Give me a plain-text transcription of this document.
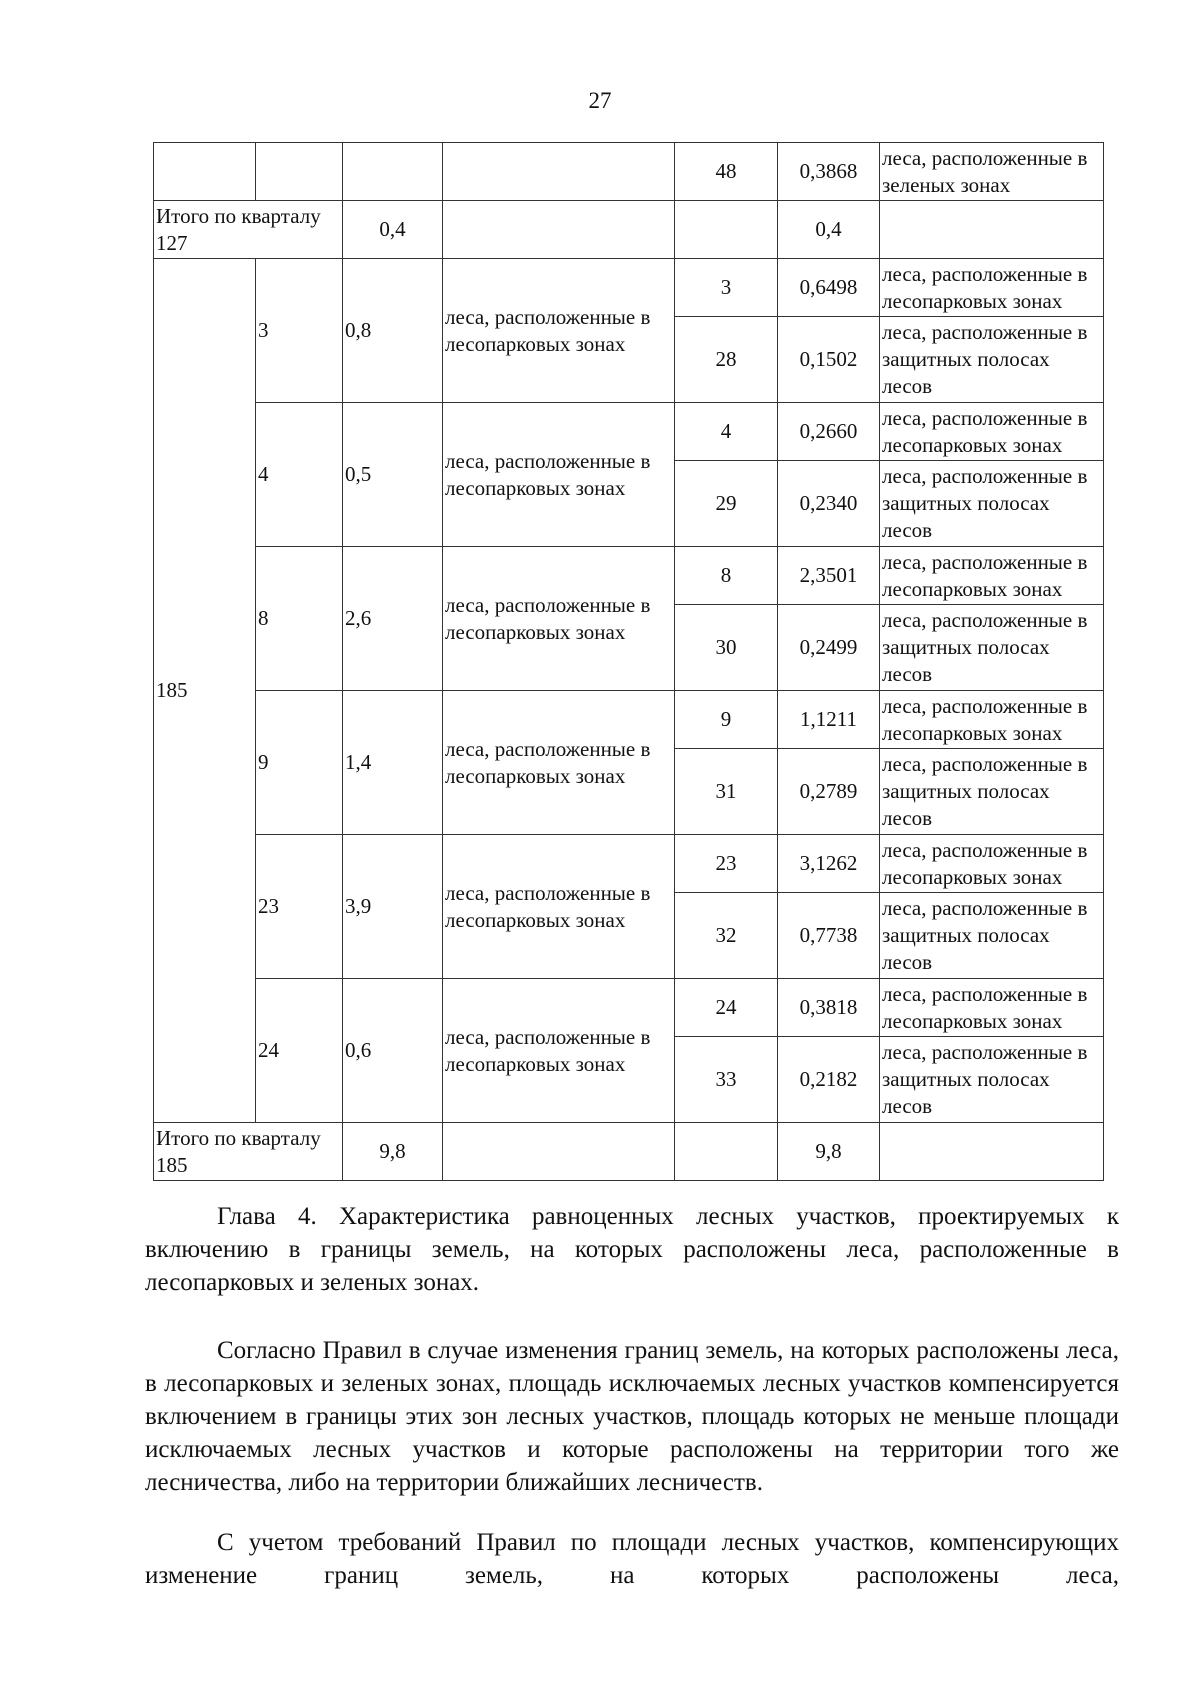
27
				48	0,3868	леса, расположенные в зеленых зонах
Итого по кварталу 127		0,4			0,4	
185	3	0,8	леса, расположенные в лесопарковых зонах	3	0,6498	леса, расположенные в лесопарковых зонах
				28	0,1502	леса, расположенные в защитных полосах лесов
	4	0,5	леса, расположенные в лесопарковых зонах	4	0,2660	леса, расположенные в лесопарковых зонах
				29	0,2340	леса, расположенные в защитных полосах лесов
	8	2,6	леса, расположенные в лесопарковых зонах	8	2,3501	леса, расположенные в лесопарковых зонах
				30	0,2499	леса, расположенные в защитных полосах лесов
	9	1,4	леса, расположенные в лесопарковых зонах	9	1,1211	леса, расположенные в лесопарковых зонах
				31	0,2789	леса, расположенные в защитных полосах лесов
	23	3,9	леса, расположенные в лесопарковых зонах	23	3,1262	леса, расположенные в лесопарковых зонах
				32	0,7738	леса, расположенные в защитных полосах лесов
	24	0,6	леса, расположенные в лесопарковых зонах	24	0,3818	леса, расположенные в лесопарковых зонах
				33	0,2182	леса, расположенные в защитных полосах лесов
Итого по кварталу 185		9,8			9,8	

Глава 4. Характеристика равноценных лесных участков, проектируемых к включению в границы земель, на которых расположены леса, расположенные в лесопарковых и зеленых зонах.

Согласно Правил в случае изменения границ земель, на которых расположены леса, в лесопарковых и зеленых зонах, площадь исключаемых лесных участков компенсируется включением в границы этих зон лесных участков, площадь которых не меньше площади исключаемых лесных участков и которые расположены на территории того же лесничества, либо на территории ближайших лесничеств.

С учетом требований Правил по площади лесных участков, компенсирующих изменение границ земель, на которых расположены леса,
